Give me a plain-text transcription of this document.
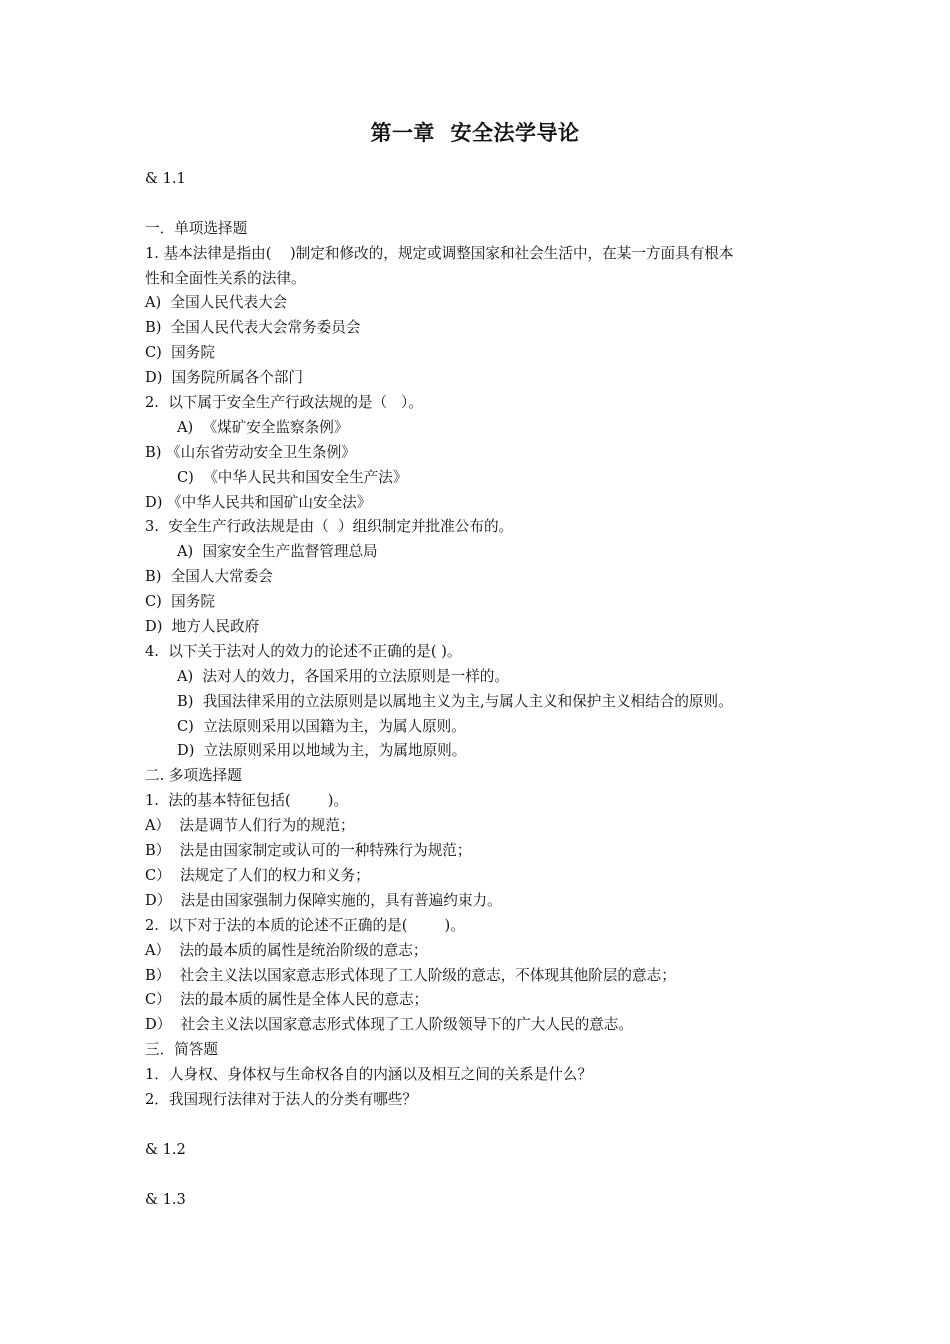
第一章  安全法学导论
& 1.1
一．单项选择题
1. 基本法律是指由(    )制定和修改的，规定或调整国家和社会生活中，在某一方面具有根本
性和全面性关系的法律。
A)  全国人民代表大会
B)  全国人民代表大会常务委员会
C)  国务院
D)  国务院所属各个部门
2.  以下属于安全生产行政法规的是（   ）。
A)  《煤矿安全监察条例》
B) 《山东省劳动安全卫生条例》
C)  《中华人民共和国安全生产法》
D) 《中华人民共和国矿山安全法》
3.  安全生产行政法规是由（  ）组织制定并批准公布的。
A)  国家安全生产监督管理总局
B)  全国人大常委会
C)  国务院
D)  地方人民政府
4.  以下关于法对人的效力的论述不正确的是( )。
A)  法对人的效力，各国采用的立法原则是一样的。
B)  我国法律采用的立法原则是以属地主义为主,与属人主义和保护主义相结合的原则。
C)  立法原则采用以国籍为主，为属人原则。
D)  立法原则采用以地域为主，为属地原则。
二. 多项选择题
1.  法的基本特征包括(        )。
A）  法是调节人们行为的规范；
B）  法是由国家制定或认可的一种特殊行为规范；
C）  法规定了人们的权力和义务；
D）  法是由国家强制力保障实施的，具有普遍约束力。
2.  以下对于法的本质的论述不正确的是(        )。
A）  法的最本质的属性是统治阶级的意志；
B）  社会主义法以国家意志形式体现了工人阶级的意志，不体现其他阶层的意志；
C）  法的最本质的属性是全体人民的意志；
D）  社会主义法以国家意志形式体现了工人阶级领导下的广大人民的意志。
三．简答题
1．人身权、身体权与生命权各自的内涵以及相互之间的关系是什么？
2．我国现行法律对于法人的分类有哪些？
& 1.2
& 1.3
